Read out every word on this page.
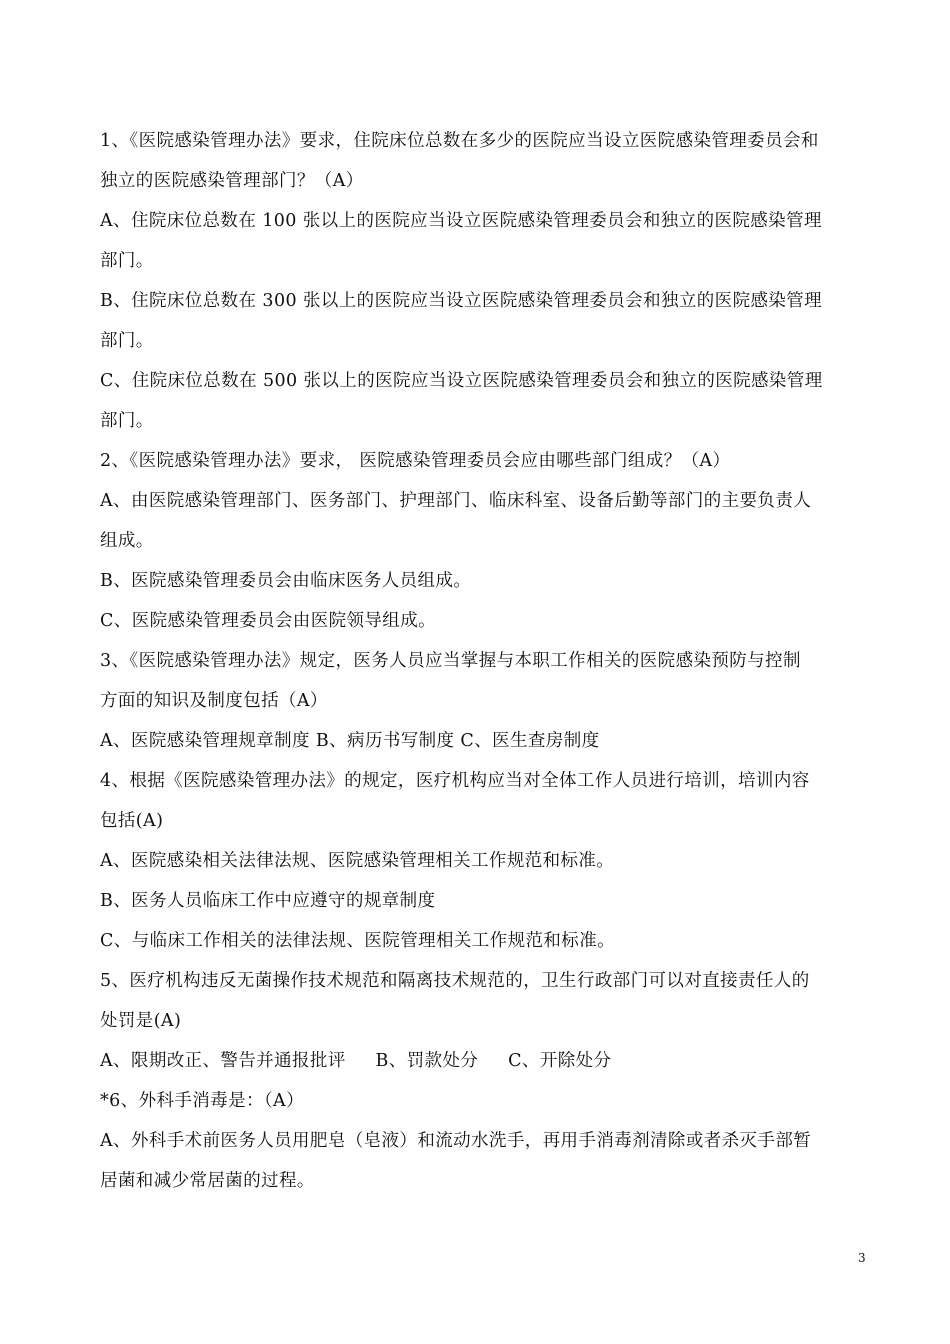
1、《医院感染管理办法》要求，住院床位总数在多少的医院应当设立医院感染管理委员会和
独立的医院感染管理部门？（A）
A、住院床位总数在 100 张以上的医院应当设立医院感染管理委员会和独立的医院感染管理
部门。
B、住院床位总数在 300 张以上的医院应当设立医院感染管理委员会和独立的医院感染管理
部门。
C、住院床位总数在 500 张以上的医院应当设立医院感染管理委员会和独立的医院感染管理
部门。
2、《医院感染管理办法》要求， 医院感染管理委员会应由哪些部门组成？（A）
A、由医院感染管理部门、医务部门、护理部门、临床科室、设备后勤等部门的主要负责人
组成。
B、医院感染管理委员会由临床医务人员组成。
C、医院感染管理委员会由医院领导组成。
3、《医院感染管理办法》规定，医务人员应当掌握与本职工作相关的医院感染预防与控制
方面的知识及制度包括（A）
A、医院感染管理规章制度 B、病历书写制度 C、医生查房制度
4、根据《医院感染管理办法》的规定，医疗机构应当对全体工作人员进行培训，培训内容
包括(A)
A、医院感染相关法律法规、医院感染管理相关工作规范和标准。
B、医务人员临床工作中应遵守的规章制度
C、与临床工作相关的法律法规、医院管理相关工作规范和标准。
5、医疗机构违反无菌操作技术规范和隔离技术规范的，卫生行政部门可以对直接责任人的
处罚是(A)
A、限期改正、警告并通报批评     B、罚款处分     C、开除处分
*6、外科手消毒是：（A）
A、外科手术前医务人员用肥皂（皂液）和流动水洗手，再用手消毒剂清除或者杀灭手部暂
居菌和减少常居菌的过程。
3
